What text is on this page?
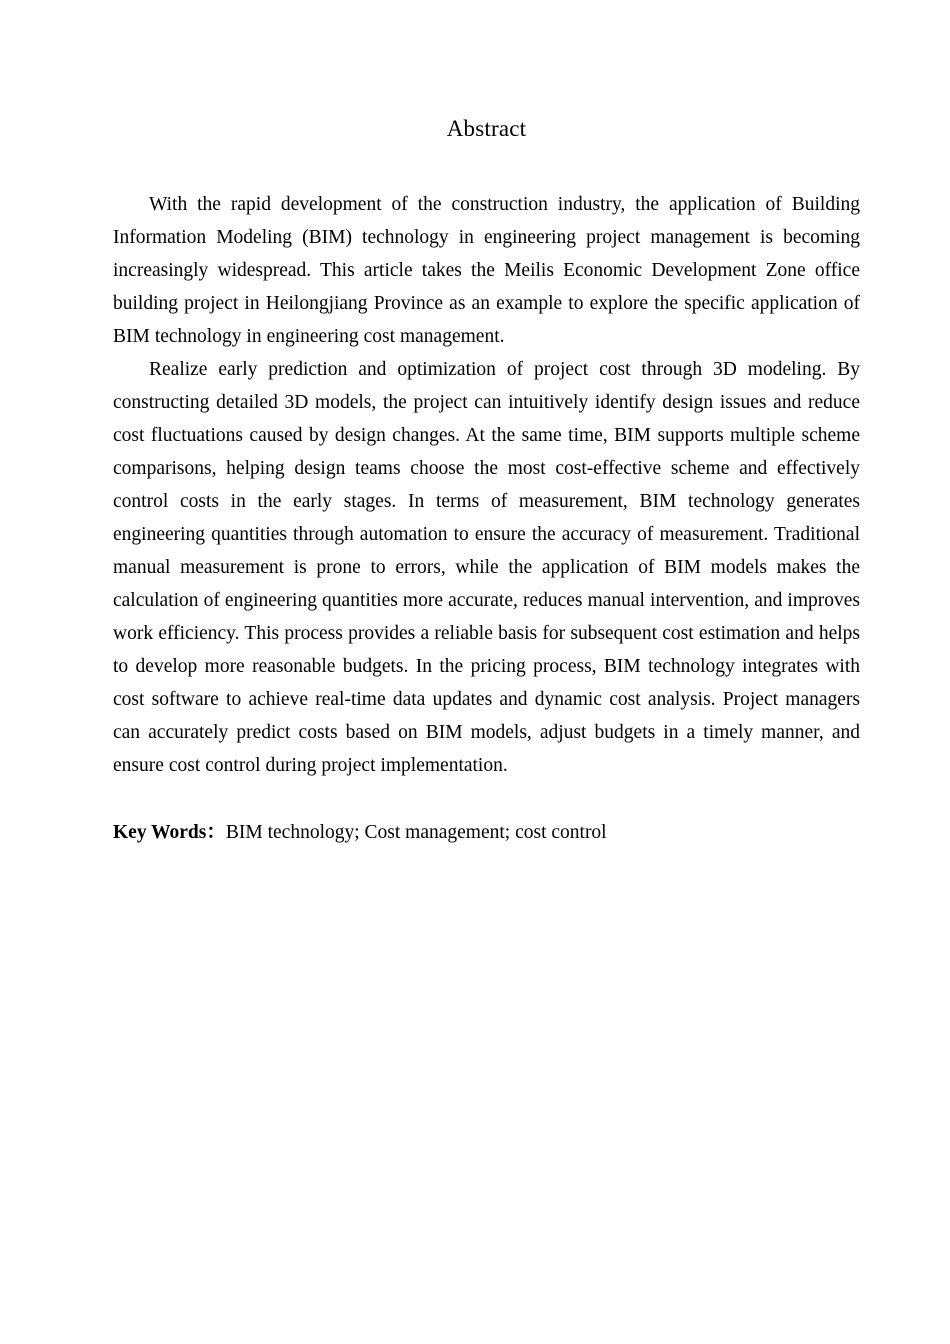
Abstract

With the rapid development of the construction industry, the application of Building Information Modeling (BIM) technology in engineering project management is becoming increasingly widespread. This article takes the Meilis Economic Development Zone office building project in Heilongjiang Province as an example to explore the specific application of BIM technology in engineering cost management.

Realize early prediction and optimization of project cost through 3D modeling. By constructing detailed 3D models, the project can intuitively identify design issues and reduce cost fluctuations caused by design changes. At the same time, BIM supports multiple scheme comparisons, helping design teams choose the most cost-effective scheme and effectively control costs in the early stages. In terms of measurement, BIM technology generates engineering quantities through automation to ensure the accuracy of measurement. Traditional manual measurement is prone to errors, while the application of BIM models makes the calculation of engineering quantities more accurate, reduces manual intervention, and improves work efficiency. This process provides a reliable basis for subsequent cost estimation and helps to develop more reasonable budgets. In the pricing process, BIM technology integrates with cost software to achieve real-time data updates and dynamic cost analysis. Project managers can accurately predict costs based on BIM models, adjust budgets in a timely manner, and ensure cost control during project implementation.

Key Words：BIM technology; Cost management; cost control
